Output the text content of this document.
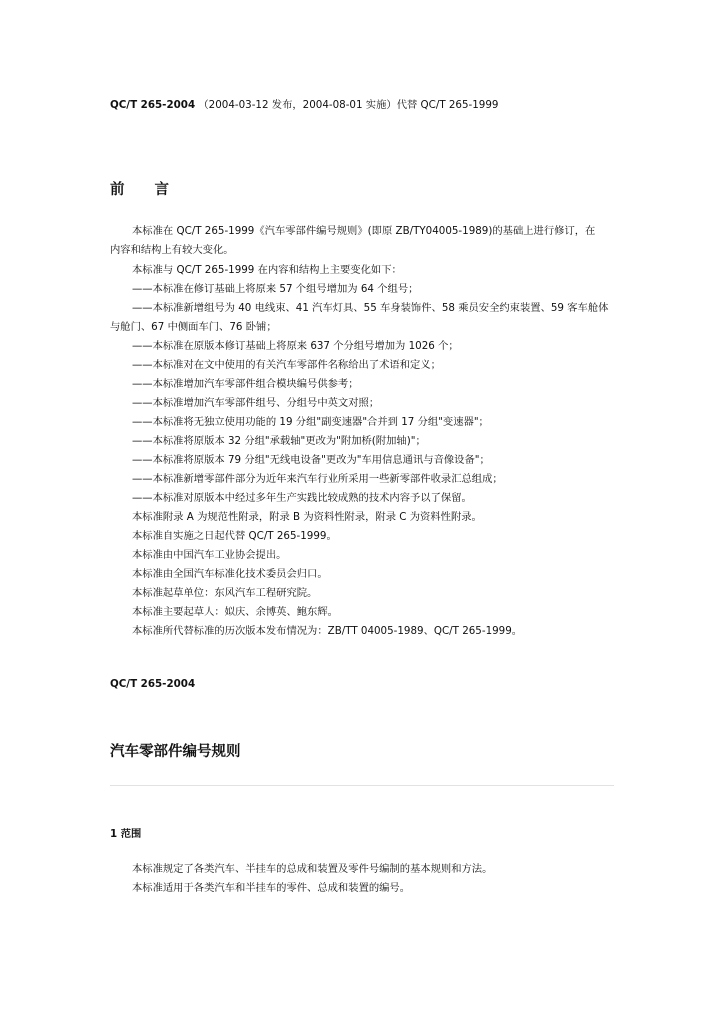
QC/T 265-2004 （2004-03-12 发布，2004-08-01 实施）代替 QC/T 265-1999
前言
本标准在 QC/T 265-1999《汽车零部件编号规则》(即原 ZB/TY04005-1989)的基础上进行修订，在
内容和结构上有较大变化。
本标准与 QC/T 265-1999 在内容和结构上主要变化如下：
——本标准在修订基础上将原来 57 个组号增加为 64 个组号；
——本标准新增组号为 40 电线束、41 汽车灯具、55 车身装饰件、58 乘员安全约束装置、59 客车舱体
与舱门、67 中侧面车门、76 卧铺；
——本标准在原版本修订基础上将原来 637 个分组号增加为 1026 个；
——本标准对在文中使用的有关汽车零部件名称给出了术语和定义；
——本标准增加汽车零部件组合模块编号供参考；
——本标准增加汽车零部件组号、分组号中英文对照；
——本标准将无独立使用功能的 19 分组"副变速器"合并到 17 分组"变速器"；
——本标准将原版本 32 分组"承载轴"更改为"附加桥(附加轴)"；
——本标准将原版本 79 分组"无线电设备"更改为"车用信息通讯与音像设备"；
——本标准新增零部件部分为近年来汽车行业所采用一些新零部件收录汇总组成；
——本标准对原版本中经过多年生产实践比较成熟的技术内容予以了保留。
本标准附录 A 为规范性附录，附录 B 为资料性附录，附录 C 为资料性附录。
本标准自实施之日起代替 QC/T 265-1999。
本标准由中国汽车工业协会提出。
本标准由全国汽车标准化技术委员会归口。
本标准起草单位：东风汽车工程研究院。
本标准主要起草人：姒庆、余博英、鲍东辉。
本标准所代替标准的历次版本发布情况为：ZB/TT 04005-1989、QC/T 265-1999。
QC/T 265-2004
汽车零部件编号规则
1 范围
本标准规定了各类汽车、半挂车的总成和装置及零件号编制的基本规则和方法。
本标准适用于各类汽车和半挂车的零件、总成和装置的编号。
